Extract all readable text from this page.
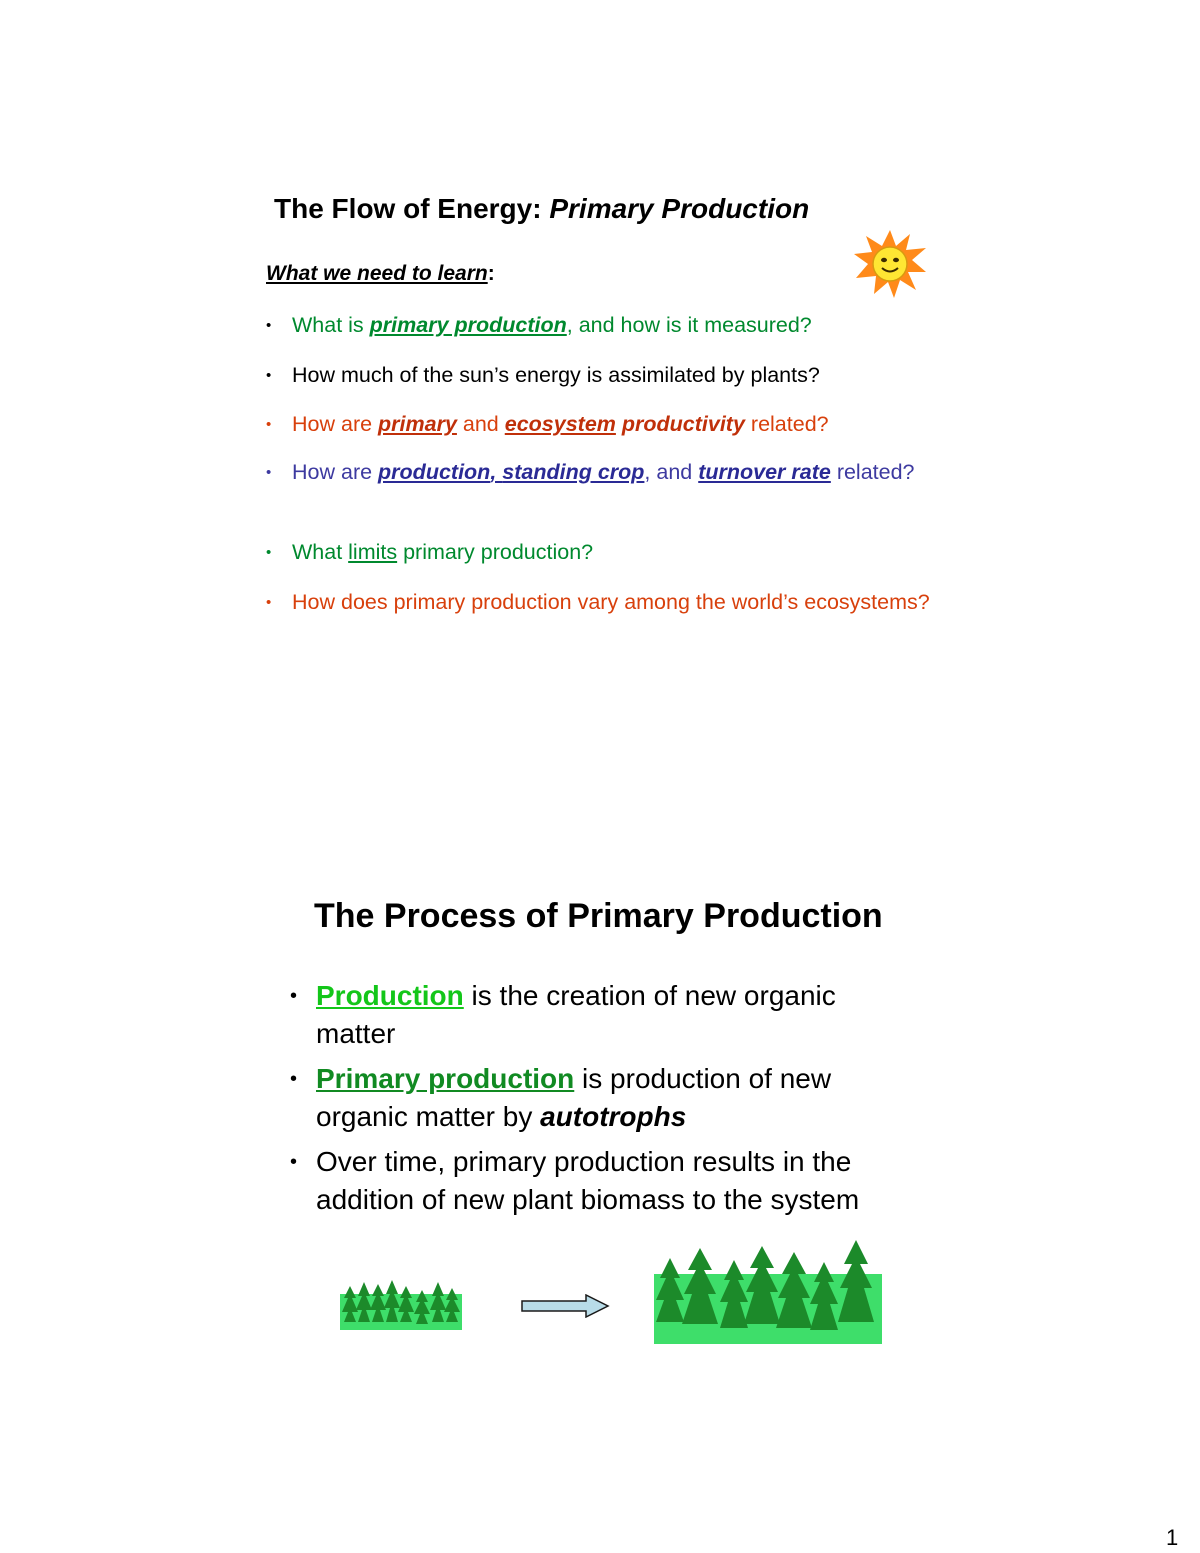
The Flow of Energy: Primary Production
What we need to learn:
• What is primary production, and how is it measured?
• How much of the sun’s energy is assimilated by plants?
• How are primary and ecosystem productivity related?
• How are production, standing crop, and turnover rate related?
• What limits primary production?
• How does primary production vary among the world’s ecosystems?
The Process of Primary Production
• Production is the creation of new organic matter
• Primary production is production of new organic matter by autotrophs
• Over time, primary production results in the addition of new plant biomass to the system
1
